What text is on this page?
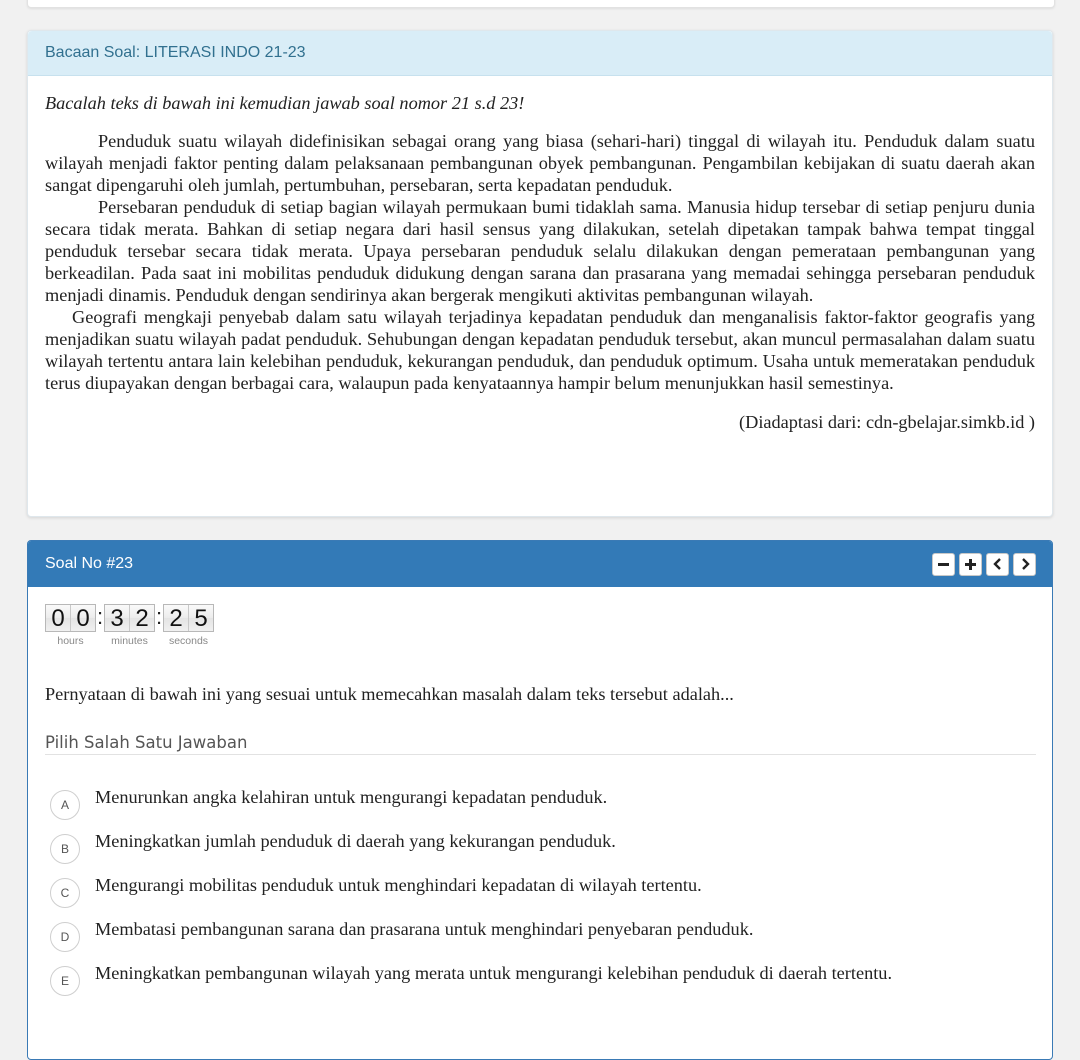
Bacaan Soal: LITERASI INDO 21-23

Bacalah teks di bawah ini kemudian jawab soal nomor 21 s.d 23!

Penduduk suatu wilayah didefinisikan sebagai orang yang biasa (sehari-hari) tinggal di wilayah itu. Penduduk dalam suatu wilayah menjadi faktor penting dalam pelaksanaan pembangunan obyek pembangunan. Pengambilan kebijakan di suatu daerah akan sangat dipengaruhi oleh jumlah, pertumbuhan, persebaran, serta kepadatan penduduk.

Persebaran penduduk di setiap bagian wilayah permukaan bumi tidaklah sama. Manusia hidup tersebar di setiap penjuru dunia secara tidak merata. Bahkan di setiap negara dari hasil sensus yang dilakukan, setelah dipetakan tampak bahwa tempat tinggal penduduk tersebar secara tidak merata. Upaya persebaran penduduk selalu dilakukan dengan pemerataan pembangunan yang berkeadilan. Pada saat ini mobilitas penduduk didukung dengan sarana dan prasarana yang memadai sehingga persebaran penduduk menjadi dinamis. Penduduk dengan sendirinya akan bergerak mengikuti aktivitas pembangunan wilayah.

Geografi mengkaji penyebab dalam satu wilayah terjadinya kepadatan penduduk dan menganalisis faktor-faktor geografis yang menjadikan suatu wilayah padat penduduk. Sehubungan dengan kepadatan penduduk tersebut, akan muncul permasalahan dalam suatu wilayah tertentu antara lain kelebihan penduduk, kekurangan penduduk, dan penduduk optimum. Usaha untuk memeratakan penduduk terus diupayakan dengan berbagai cara, walaupun pada kenyataannya hampir belum menunjukkan hasil semestinya.

(Diadaptasi dari: cdn-gbelajar.simkb.id )

Soal No #23
0 0
hours
: 3 2
minutes
: 2 5
seconds
Pernyataan di bawah ini yang sesuai untuk memecahkan masalah dalam teks tersebut adalah...
Pilih Salah Satu Jawaban
A	Menurunkan angka kelahiran untuk mengurangi kepadatan penduduk.
B	Meningkatkan jumlah penduduk di daerah yang kekurangan penduduk.
C	Mengurangi mobilitas penduduk untuk menghindari kepadatan di wilayah tertentu.
D	Membatasi pembangunan sarana dan prasarana untuk menghindari penyebaran penduduk.
E	Meningkatkan pembangunan wilayah yang merata untuk mengurangi kelebihan penduduk di daerah tertentu.
